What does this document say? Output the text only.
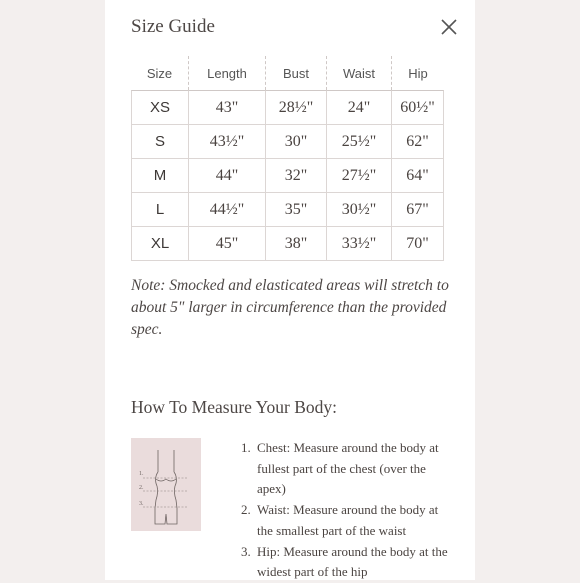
Size Guide
Size	Length	Bust	Waist	Hip
XS	43"	28½"	24"	60½"
S	43½"	30"	25½"	62"
M	44"	32"	27½"	64"
L	44½"	35"	30½"	67"
XL	45"	38"	33½"	70"
Note: Smocked and elasticated areas will stretch to about 5" larger in circumference than the provided spec.
How To Measure Your Body:
1.
2.
3.
1. Chest: Measure around the body at fullest part of the chest (over the apex)
2. Waist: Measure around the body at the smallest part of the waist
3. Hip: Measure around the body at the widest part of the hip
